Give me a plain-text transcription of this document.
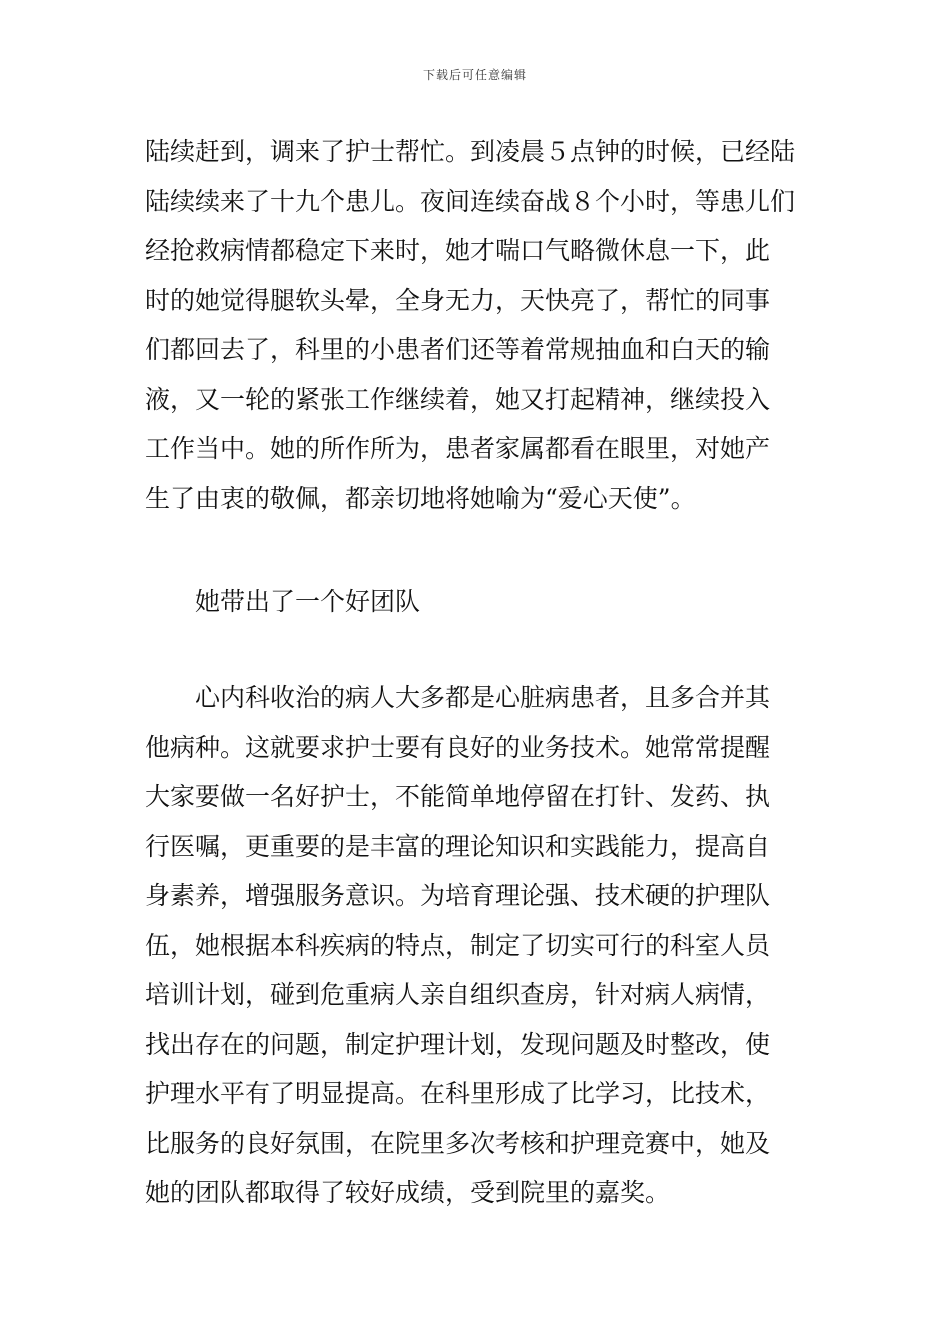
下载后可任意编辑
陆续赶到，调来了护士帮忙。到凌晨５点钟的时候，已经陆
陆续续来了十九个患儿。夜间连续奋战８个小时，等患儿们
经抢救病情都稳定下来时，她才喘口气略微休息一下，此
时的她觉得腿软头晕，全身无力，天快亮了，帮忙的同事
们都回去了，科里的小患者们还等着常规抽血和白天的输
液，又一轮的紧张工作继续着，她又打起精神，继续投入
工作当中。她的所作所为，患者家属都看在眼里，对她产
生了由衷的敬佩，都亲切地将她喻为“爱心天使”。
她带出了一个好团队
心内科收治的病人大多都是心脏病患者，且多合并其
他病种。这就要求护士要有良好的业务技术。她常常提醒
大家要做一名好护士，不能简单地停留在打针、发药、执
行医嘱，更重要的是丰富的理论知识和实践能力，提高自
身素养，增强服务意识。为培育理论强、技术硬的护理队
伍，她根据本科疾病的特点，制定了切实可行的科室人员
培训计划，碰到危重病人亲自组织查房，针对病人病情，
找出存在的问题，制定护理计划，发现问题及时整改，使
护理水平有了明显提高。在科里形成了比学习，比技术，
比服务的良好氛围，在院里多次考核和护理竞赛中，她及
她的团队都取得了较好成绩，受到院里的嘉奖。
